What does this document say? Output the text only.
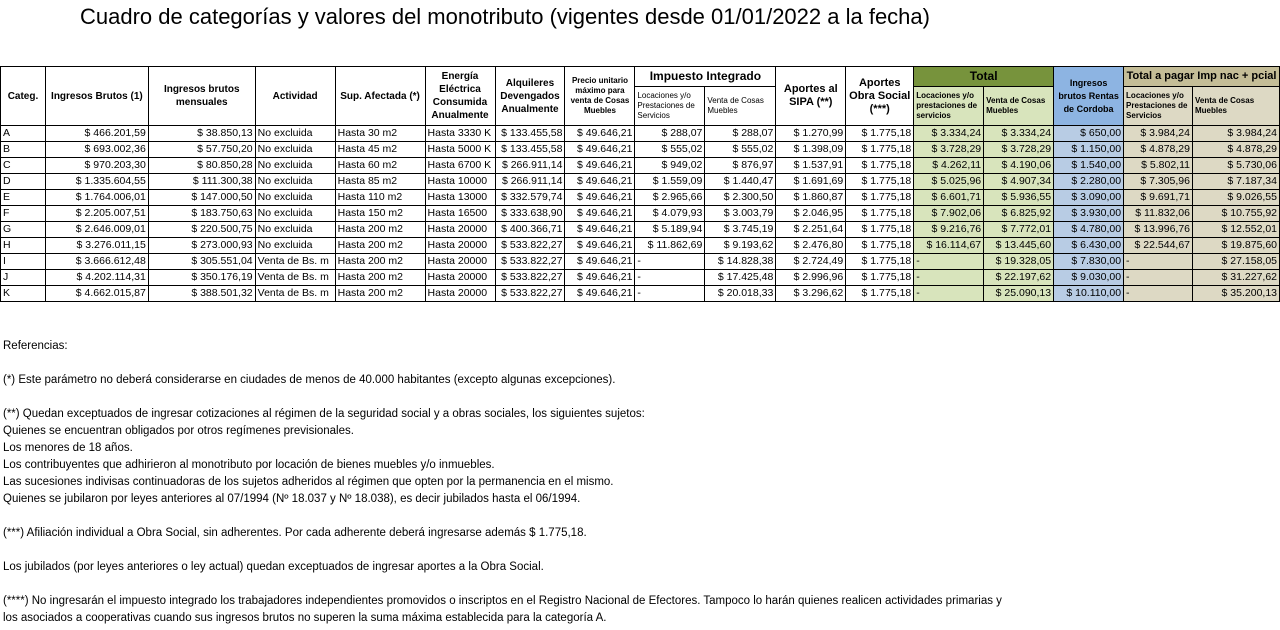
Cuadro de categorías y valores del monotributo (vigentes desde 01/01/2022 a la fecha)
Categ.	Ingresos Brutos (1)	Ingresos brutos mensuales	Actividad	Sup. Afectada (*)	Energía Eléctrica Consumida Anualmente	Alquileres Devengados Anualmente	Precio unitario máximo para venta de Cosas Muebles	Impuesto Integrado		Aportes al SIPA (**)	Aportes Obra Social (***)	Total		Ingresos brutos Rentas de Cordoba	Total a pagar Imp nac + pcial	
								Locaciones y/o Prestaciones de Servicios	Venta de Cosas Muebles			Locaciones y/o prestaciones de servicios	Venta de Cosas Muebles		Locaciones y/o Prestaciones de Servicios	Venta de Cosas Muebles
A	$ 466.201,59	$ 38.850,13	No excluida	Hasta 30 m2	Hasta 3330 K	$ 133.455,58	$ 49.646,21	$ 288,07	$ 288,07	$ 1.270,99	$ 1.775,18	$ 3.334,24	$ 3.334,24	$ 650,00	$ 3.984,24	$ 3.984,24
B	$ 693.002,36	$ 57.750,20	No excluida	Hasta 45 m2	Hasta 5000 K	$ 133.455,58	$ 49.646,21	$ 555,02	$ 555,02	$ 1.398,09	$ 1.775,18	$ 3.728,29	$ 3.728,29	$ 1.150,00	$ 4.878,29	$ 4.878,29
C	$ 970.203,30	$ 80.850,28	No excluida	Hasta 60 m2	Hasta 6700 K	$ 266.911,14	$ 49.646,21	$ 949,02	$ 876,97	$ 1.537,91	$ 1.775,18	$ 4.262,11	$ 4.190,06	$ 1.540,00	$ 5.802,11	$ 5.730,06
D	$ 1.335.604,55	$ 111.300,38	No excluida	Hasta 85 m2	Hasta 10000	$ 266.911,14	$ 49.646,21	$ 1.559,09	$ 1.440,47	$ 1.691,69	$ 1.775,18	$ 5.025,96	$ 4.907,34	$ 2.280,00	$ 7.305,96	$ 7.187,34
E	$ 1.764.006,01	$ 147.000,50	No excluida	Hasta 110 m2	Hasta 13000	$ 332.579,74	$ 49.646,21	$ 2.965,66	$ 2.300,50	$ 1.860,87	$ 1.775,18	$ 6.601,71	$ 5.936,55	$ 3.090,00	$ 9.691,71	$ 9.026,55
F	$ 2.205.007,51	$ 183.750,63	No excluida	Hasta 150 m2	Hasta 16500	$ 333.638,90	$ 49.646,21	$ 4.079,93	$ 3.003,79	$ 2.046,95	$ 1.775,18	$ 7.902,06	$ 6.825,92	$ 3.930,00	$ 11.832,06	$ 10.755,92
G	$ 2.646.009,01	$ 220.500,75	No excluida	Hasta 200 m2	Hasta 20000	$ 400.366,71	$ 49.646,21	$ 5.189,94	$ 3.745,19	$ 2.251,64	$ 1.775,18	$ 9.216,76	$ 7.772,01	$ 4.780,00	$ 13.996,76	$ 12.552,01
H	$ 3.276.011,15	$ 273.000,93	No excluida	Hasta 200 m2	Hasta 20000	$ 533.822,27	$ 49.646,21	$ 11.862,69	$ 9.193,62	$ 2.476,80	$ 1.775,18	$ 16.114,67	$ 13.445,60	$ 6.430,00	$ 22.544,67	$ 19.875,60
I	$ 3.666.612,48	$ 305.551,04	Venta de Bs. m	Hasta 200 m2	Hasta 20000	$ 533.822,27	$ 49.646,21	-	$ 14.828,38	$ 2.724,49	$ 1.775,18	-	$ 19.328,05	$ 7.830,00	-	$ 27.158,05
J	$ 4.202.114,31	$ 350.176,19	Venta de Bs. m	Hasta 200 m2	Hasta 20000	$ 533.822,27	$ 49.646,21	-	$ 17.425,48	$ 2.996,96	$ 1.775,18	-	$ 22.197,62	$ 9.030,00	-	$ 31.227,62
K	$ 4.662.015,87	$ 388.501,32	Venta de Bs. m	Hasta 200 m2	Hasta 20000	$ 533.822,27	$ 49.646,21	-	$ 20.018,33	$ 3.296,62	$ 1.775,18	-	$ 25.090,13	$ 10.110,00	-	$ 35.200,13

Referencias:

(*) Este parámetro no deberá considerarse en ciudades de menos de 40.000 habitantes (excepto algunas excepciones).

(**) Quedan exceptuados de ingresar cotizaciones al régimen de la seguridad social y a obras sociales, los siguientes sujetos:

Quienes se encuentran obligados por otros regímenes previsionales.

Los menores de 18 años.

Los contribuyentes que adhirieron al monotributo por locación de bienes muebles y/o inmuebles.

Las sucesiones indivisas continuadoras de los sujetos adheridos al régimen que opten por la permanencia en el mismo.

Quienes se jubilaron por leyes anteriores al 07/1994 (Nº 18.037 y Nº 18.038), es decir jubilados hasta el 06/1994.

(***) Afiliación individual a Obra Social, sin adherentes. Por cada adherente deberá ingresarse además $ 1.775,18.

Los jubilados (por leyes anteriores o ley actual) quedan exceptuados de ingresar aportes a la Obra Social.

(****) No ingresarán el impuesto integrado los trabajadores independientes promovidos o inscriptos en el Registro Nacional de Efectores. Tampoco lo harán quienes realicen actividades primarias y

los asociados a cooperativas cuando sus ingresos brutos no superen la suma máxima establecida para la categoría A.
